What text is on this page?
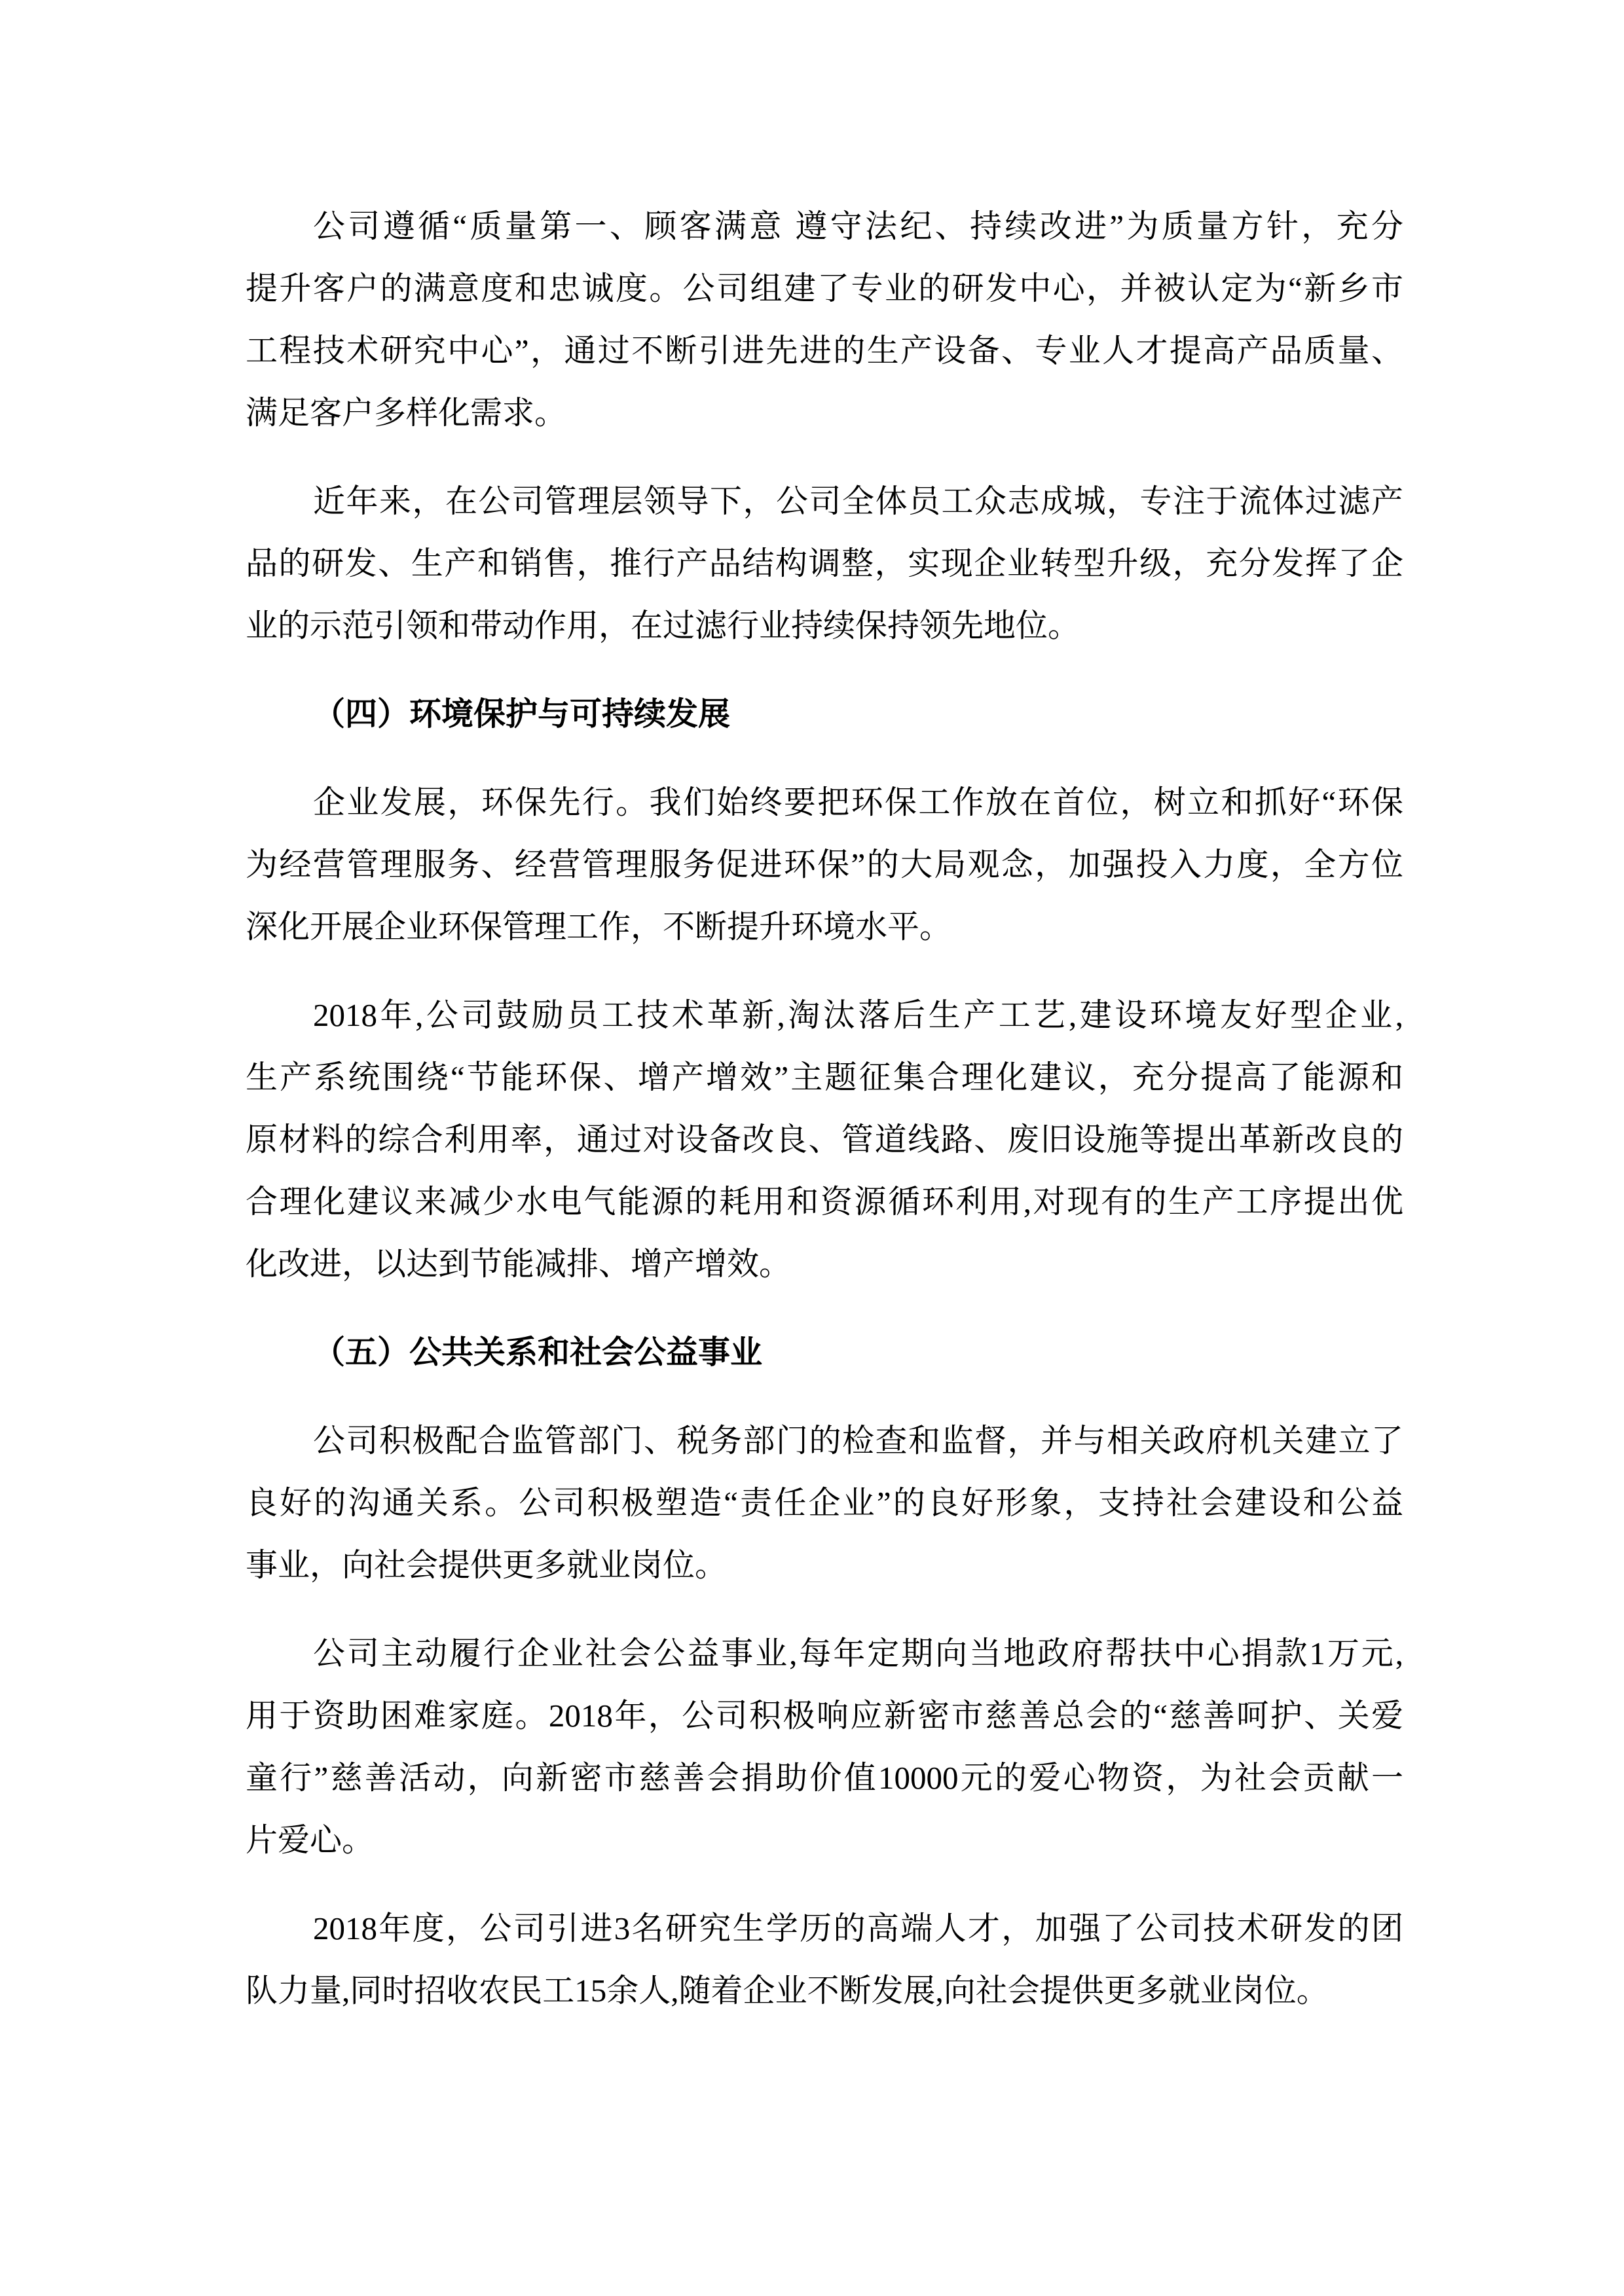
公司遵循“质量第一、顾客满意 遵守法纪、持续改进”为质量方针，充分
提升客户的满意度和忠诚度。公司组建了专业的研发中心，并被认定为“新乡市
工程技术研究中心”，通过不断引进先进的生产设备、专业人才提高产品质量、
满足客户多样化需求。
近年来，在公司管理层领导下，公司全体员工众志成城，专注于流体过滤产
品的研发、生产和销售，推行产品结构调整，实现企业转型升级，充分发挥了企
业的示范引领和带动作用，在过滤行业持续保持领先地位。
（四）环境保护与可持续发展
企业发展，环保先行。我们始终要把环保工作放在首位，树立和抓好“环保
为经营管理服务、经营管理服务促进环保”的大局观念，加强投入力度，全方位
深化开展企业环保管理工作，不断提升环境水平。
2018年,公司鼓励员工技术革新,淘汰落后生产工艺,建设环境友好型企业,
生产系统围绕“节能环保、增产增效”主题征集合理化建议，充分提高了能源和
原材料的综合利用率，通过对设备改良、管道线路、废旧设施等提出革新改良的
合理化建议来减少水电气能源的耗用和资源循环利用,对现有的生产工序提出优
化改进，以达到节能减排、增产增效。
（五）公共关系和社会公益事业
公司积极配合监管部门、税务部门的检查和监督，并与相关政府机关建立了
良好的沟通关系。公司积极塑造“责任企业”的良好形象，支持社会建设和公益
事业，向社会提供更多就业岗位。
公司主动履行企业社会公益事业,每年定期向当地政府帮扶中心捐款1万元,
用于资助困难家庭。2018年，公司积极响应新密市慈善总会的“慈善呵护、关爱
童行”慈善活动，向新密市慈善会捐助价值10000元的爱心物资，为社会贡献一
片爱心。
2018年度，公司引进3名研究生学历的高端人才，加强了公司技术研发的团
队力量,同时招收农民工15余人,随着企业不断发展,向社会提供更多就业岗位。
